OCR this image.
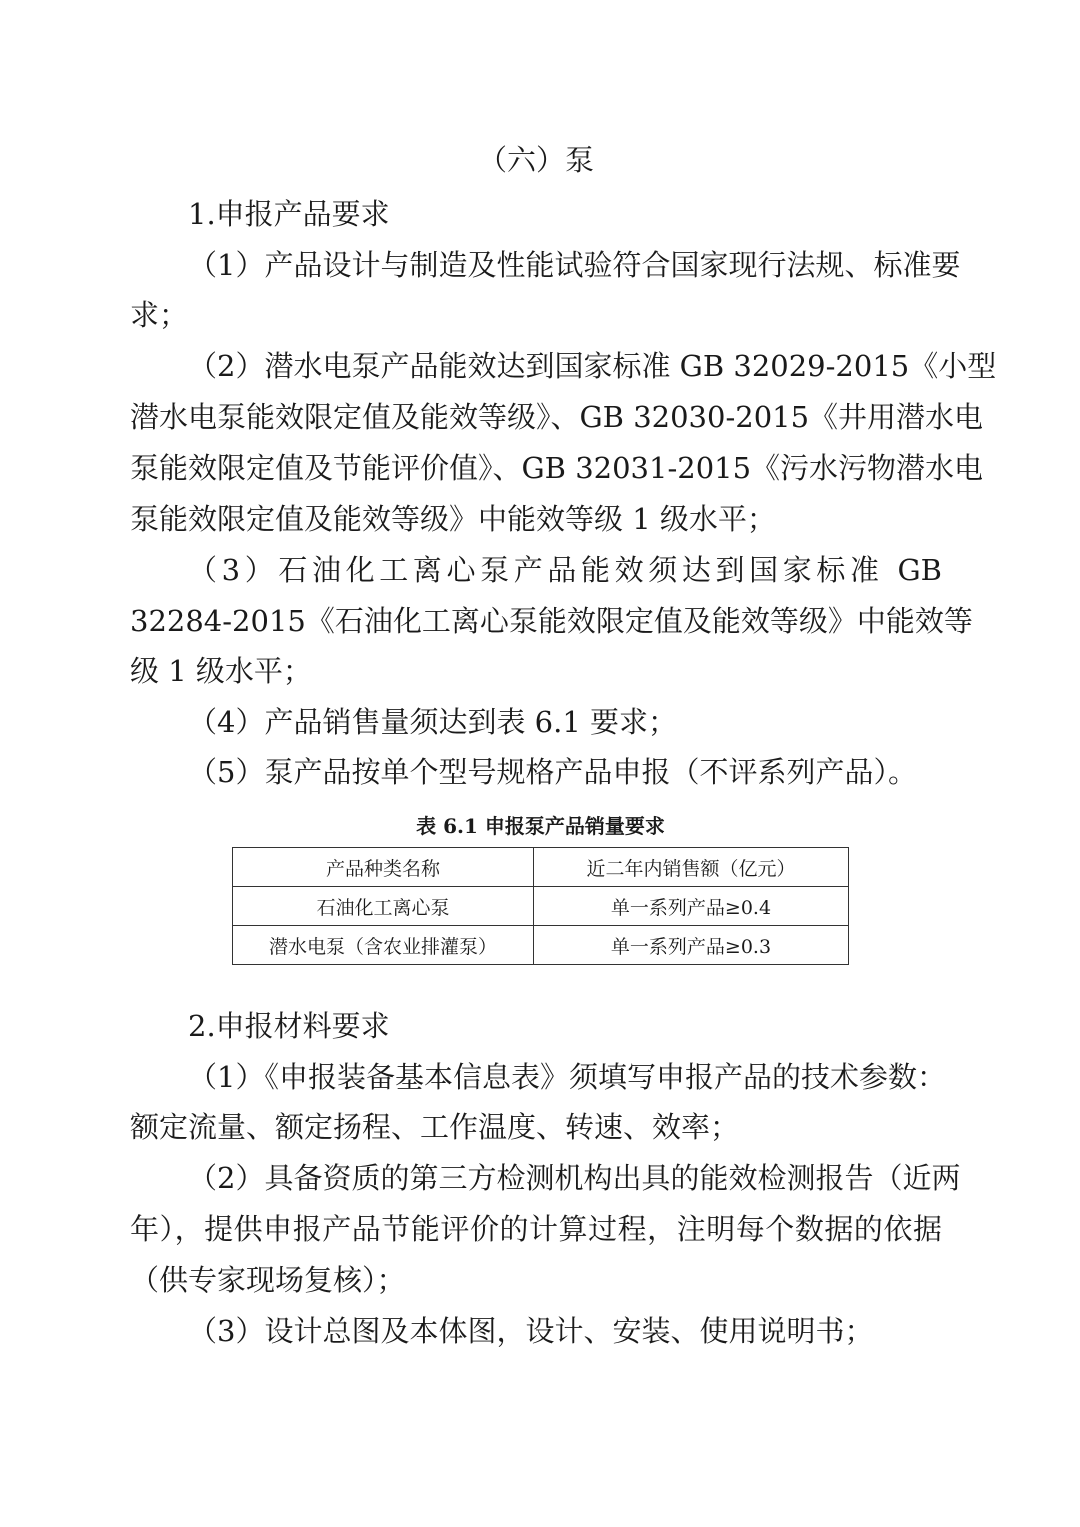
（六）泵
1.申报产品要求
（1）产品设计与制造及性能试验符合国家现行法规、标准要
求；
（2）潜水电泵产品能效达到国家标准 GB 32029-2015《小型
潜水电泵能效限定值及能效等级》、GB 32030-2015《井用潜水电
泵能效限定值及节能评价值》、GB 32031-2015《污水污物潜水电
泵能效限定值及能效等级》中能效等级 1 级水平；
（3）石油化工离心泵产品能效须达到国家标准 GB
32284-2015《石油化工离心泵能效限定值及能效等级》中能效等
级 1 级水平；
（4）产品销售量须达到表 6.1 要求；
（5）泵产品按单个型号规格产品申报（不评系列产品）。
表 6.1 申报泵产品销量要求
产品种类名称	近二年内销售额（亿元）
石油化工离心泵	单一系列产品≥0.4
潜水电泵（含农业排灌泵）	单一系列产品≥0.3
2.申报材料要求
（1）《申报装备基本信息表》须填写申报产品的技术参数：
额定流量、额定扬程、工作温度、转速、效率；
（2）具备资质的第三方检测机构出具的能效检测报告（近两
年），提供申报产品节能评价的计算过程，注明每个数据的依据
（供专家现场复核）；
（3）设计总图及本体图，设计、安装、使用说明书；
